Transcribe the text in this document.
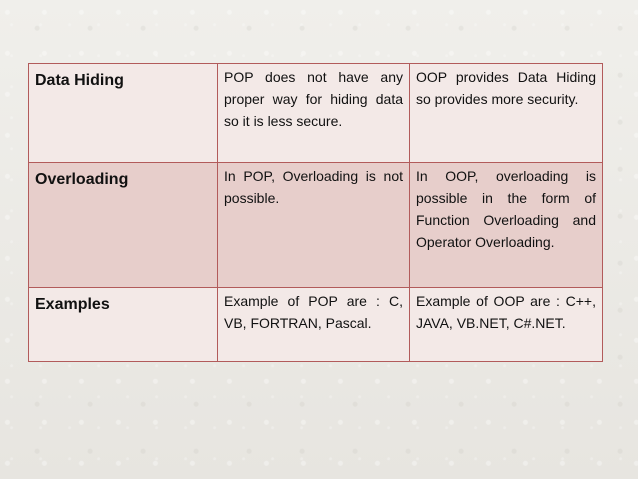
Data Hiding	POP does not have any proper way for hiding data so it is less secure.	OOP provides Data Hiding so provides more security.

Overloading	In POP, Overloading is not possible.	In OOP, overloading is possible in the form of Function Overloading and Operator Overloading.

Examples	Example of POP are : C, VB, FORTRAN, Pascal.	Example of OOP are : C++, JAVA, VB.NET, C#.NET.
